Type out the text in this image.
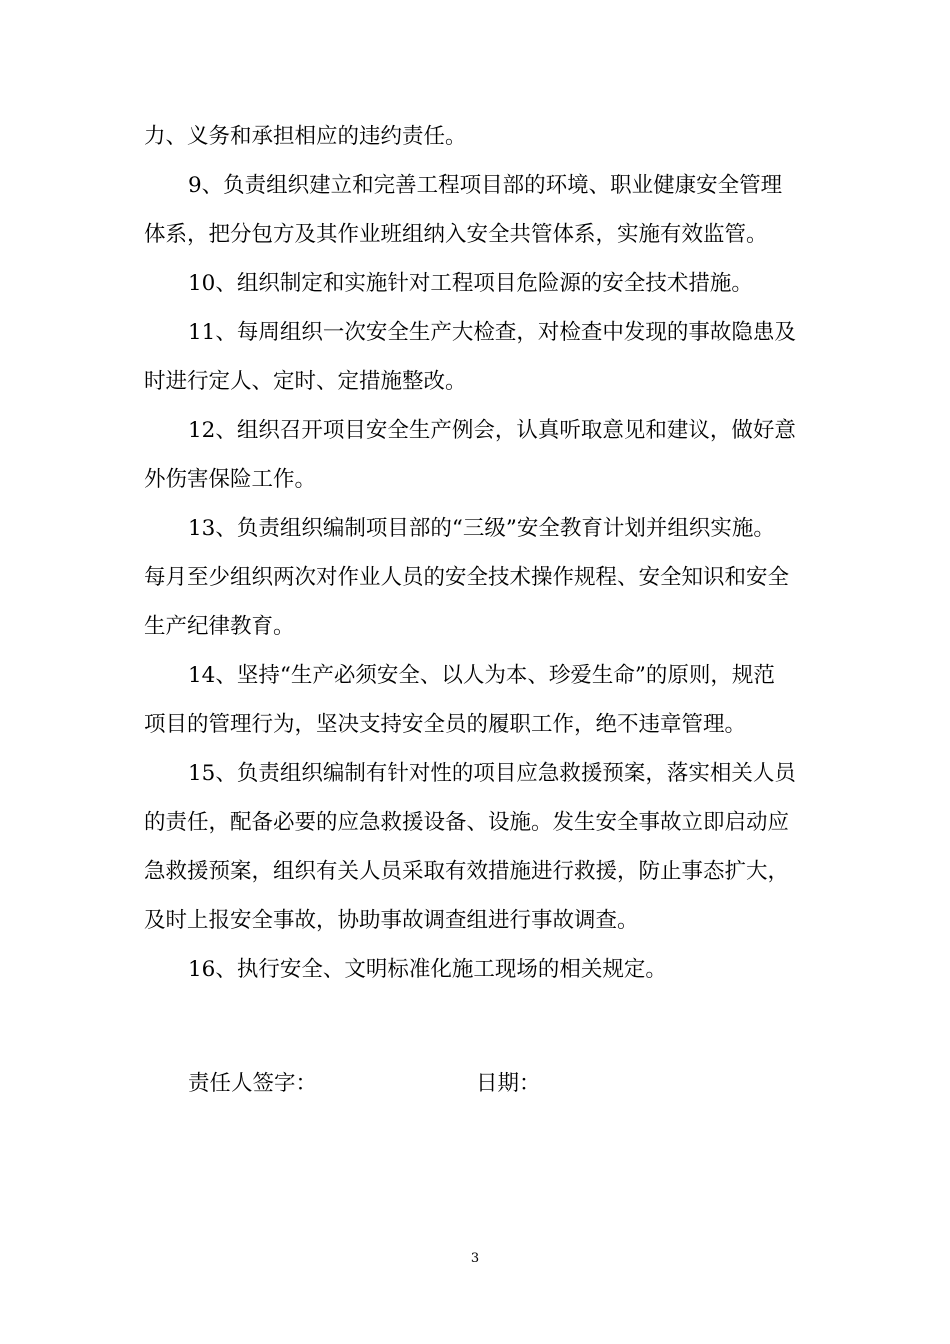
力、义务和承担相应的违约责任。
9、负责组织建立和完善工程项目部的环境、职业健康安全管理
体系，把分包方及其作业班组纳入安全共管体系，实施有效监管。
10、组织制定和实施针对工程项目危险源的安全技术措施。
11、每周组织一次安全生产大检查，对检查中发现的事故隐患及
时进行定人、定时、定措施整改。
12、组织召开项目安全生产例会，认真听取意见和建议，做好意
外伤害保险工作。
13、负责组织编制项目部的“三级”安全教育计划并组织实施。
每月至少组织两次对作业人员的安全技术操作规程、安全知识和安全
生产纪律教育。
14、坚持“生产必须安全、以人为本、珍爱生命”的原则，规范
项目的管理行为，坚决支持安全员的履职工作，绝不违章管理。
15、负责组织编制有针对性的项目应急救援预案，落实相关人员
的责任，配备必要的应急救援设备、设施。发生安全事故立即启动应
急救援预案，组织有关人员采取有效措施进行救援，防止事态扩大，
及时上报安全事故，协助事故调查组进行事故调查。
16、执行安全、文明标准化施工现场的相关规定。
责任人签字：	日期：
3
